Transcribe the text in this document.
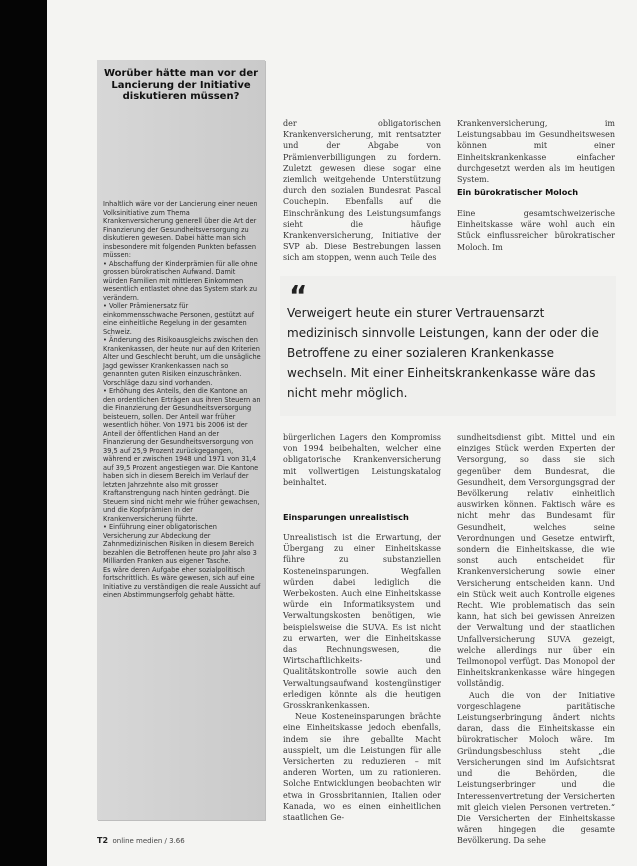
Worüber hätte man vor der Lancierung der Initiative diskutieren müssen?

Inhaltlich wäre vor der Lancierung einer neuen Volksinitiative zum Thema Krankenversicherung generell über die Art der Finanzierung der Gesundheitsversorgung zu diskutieren gewesen. Dabei hätte man sich insbesondere mit folgenden Punkten befassen müssen:

• Abschaffung der Kinderprämien für alle ohne grossen bürokratischen Aufwand. Damit würden Familien mit mittleren Einkommen wesentlich entlastet ohne das System stark zu verändern.

• Voller Prämienersatz für einkommensschwache Personen, gestützt auf eine einheitliche Regelung in der gesamten Schweiz.

• Änderung des Risikoausgleichs zwischen den Krankenkassen, der heute nur auf den Kriterien Alter und Geschlecht beruht, um die unsägliche Jagd gewisser Krankenkassen nach so genannten guten Risiken einzuschränken. Vorschläge dazu sind vorhanden.

• Erhöhung des Anteils, den die Kantone an den ordentlichen Erträgen aus ihren Steuern an die Finanzierung der Gesundheitsversorgung beisteuern, sollen. Der Anteil war früher wesentlich höher. Von 1971 bis 2006 ist der Anteil der öffentlichen Hand an der Finanzierung der Gesundheitsversorgung von 39,5 auf 25,9 Prozent zurückgegangen, während er zwischen 1948 und 1971 von 31,4 auf 39,5 Prozent angestiegen war. Die Kantone haben sich in diesem Bereich im Verlauf der letzten Jahrzehnte also mit grosser Kraftanstrengung nach hinten gedrängt. Die Steuern sind nicht mehr wie früher gewachsen, und die Kopfprämien in der Krankenversicherung führte.

• Einführung einer obligatorischen Versicherung zur Abdeckung der Zahnmedizinischen Risiken in diesem Bereich bezahlen die Betroffenen heute pro Jahr also 3 Milliarden Franken aus eigener Tasche.

Es wäre deren Aufgabe eher sozialpolitisch fortschrittlich. Es wäre gewesen, sich auf eine Initiative zu verständigen die reale Aussicht auf einen Abstimmungserfolg gehabt hätte.

der obligatorischen Krankenversicherung, mit rentsatzter und der Abgabe von Prämienverbilligungen zu fordern. Zuletzt gewesen diese sogar eine ziemlich weitgehende Unterstützung durch den sozialen Bundesrat Pascal Couchepin. Ebenfalls auf die Einschränkung des Leistungsumfangs sieht die häufige Krankenversicherung, Initiative der SVP ab. Diese Bestrebungen lassen sich am stoppen, wenn auch Teile des
Krankenversicherung, im Leistungsabbau im Gesundheitswesen können mit einer Einheitskrankenkasse einfacher durchgesetzt werden als im heutigen System.
Ein bürokratischer Moloch
Eine gesamtschweizerische Einheitskasse wäre wohl auch ein Stück einflussreicher bürokratischer Moloch. Im
“
Verweigert heute ein sturer Vertrauensarzt medizinisch sinnvolle Leistungen, kann der oder die Betroffene zu einer sozialeren Krankenkasse wechseln. Mit einer Einheitskrankenkasse wäre das nicht mehr möglich.
bürgerlichen Lagers den Kompromiss von 1994 beibehalten, welcher eine obligatorische Krankenversicherung mit vollwertigen Leistungskatalog beinhaltet.
Einsparungen unrealistisch

Unrealistisch ist die Erwartung, der Übergang zu einer Einheitskasse führe zu substanziellen Kosteneinsparungen. Wegfallen würden dabei lediglich die Werbekosten. Auch eine Einheitskasse würde ein Informatiksystem und Verwaltungskosten benötigen, wie beispielsweise die SUVA. Es ist nicht zu erwarten, wer die Einheitskasse das Rechnungswesen, die Wirtschaftlichkeits- und Qualitätskontrolle sowie auch den Verwaltungsaufwand kostengünstiger erledigen könnte als die heutigen Grosskrankenkassen.

Neue Kosteneinsparungen brächte eine Einheitskasse jedoch ebenfalls, indem sie ihre geballte Macht ausspielt, um die Leistungen für alle Versicherten zu reduzieren – mit anderen Worten, um zu rationieren. Solche Entwicklungen beobachten wir etwa in Grossbritannien, Italien oder Kanada, wo es einen einheitlichen staatlichen Ge-

sundheitsdienst gibt. Mittel und ein einziges Stück werden Experten der Versorgung, so dass sie sich gegenüber dem Bundesrat, die Gesundheit, dem Versorgungsgrad der Bevölkerung relativ einheitlich auswirken können. Faktisch wäre es nicht mehr das Bundesamt für Gesundheit, welches seine Verordnungen und Gesetze entwirft, sondern die Einheitskasse, die wie sonst auch entscheidet für Krankenversicherung sowie einer Versicherung entscheiden kann. Und ein Stück weit auch Kontrolle eigenes Recht. Wie problematisch das sein kann, hat sich bei gewissen Anreizen der Verwaltung und der staatlichen Unfallversicherung SUVA gezeigt, welche allerdings nur über ein Teilmonopol verfügt. Das Monopol der Einheitskrankenkasse wäre hingegen vollständig.

Auch die von der Initiative vorgeschlagene paritätische Leistungserbringung ändert nichts daran, dass die Einheitskasse ein bürokratischer Moloch wäre. Im Gründungsbeschluss steht „die Versicherungen sind im Aufsichtsrat und die Behörden, die Leistungserbringer und die Interessenvertretung der Versicherten mit gleich vielen Personen vertreten.“ Die Versicherten der Einheitskasse wären hingegen die gesamte Bevölkerung. Da sehe

T2 online medien / 3.66
